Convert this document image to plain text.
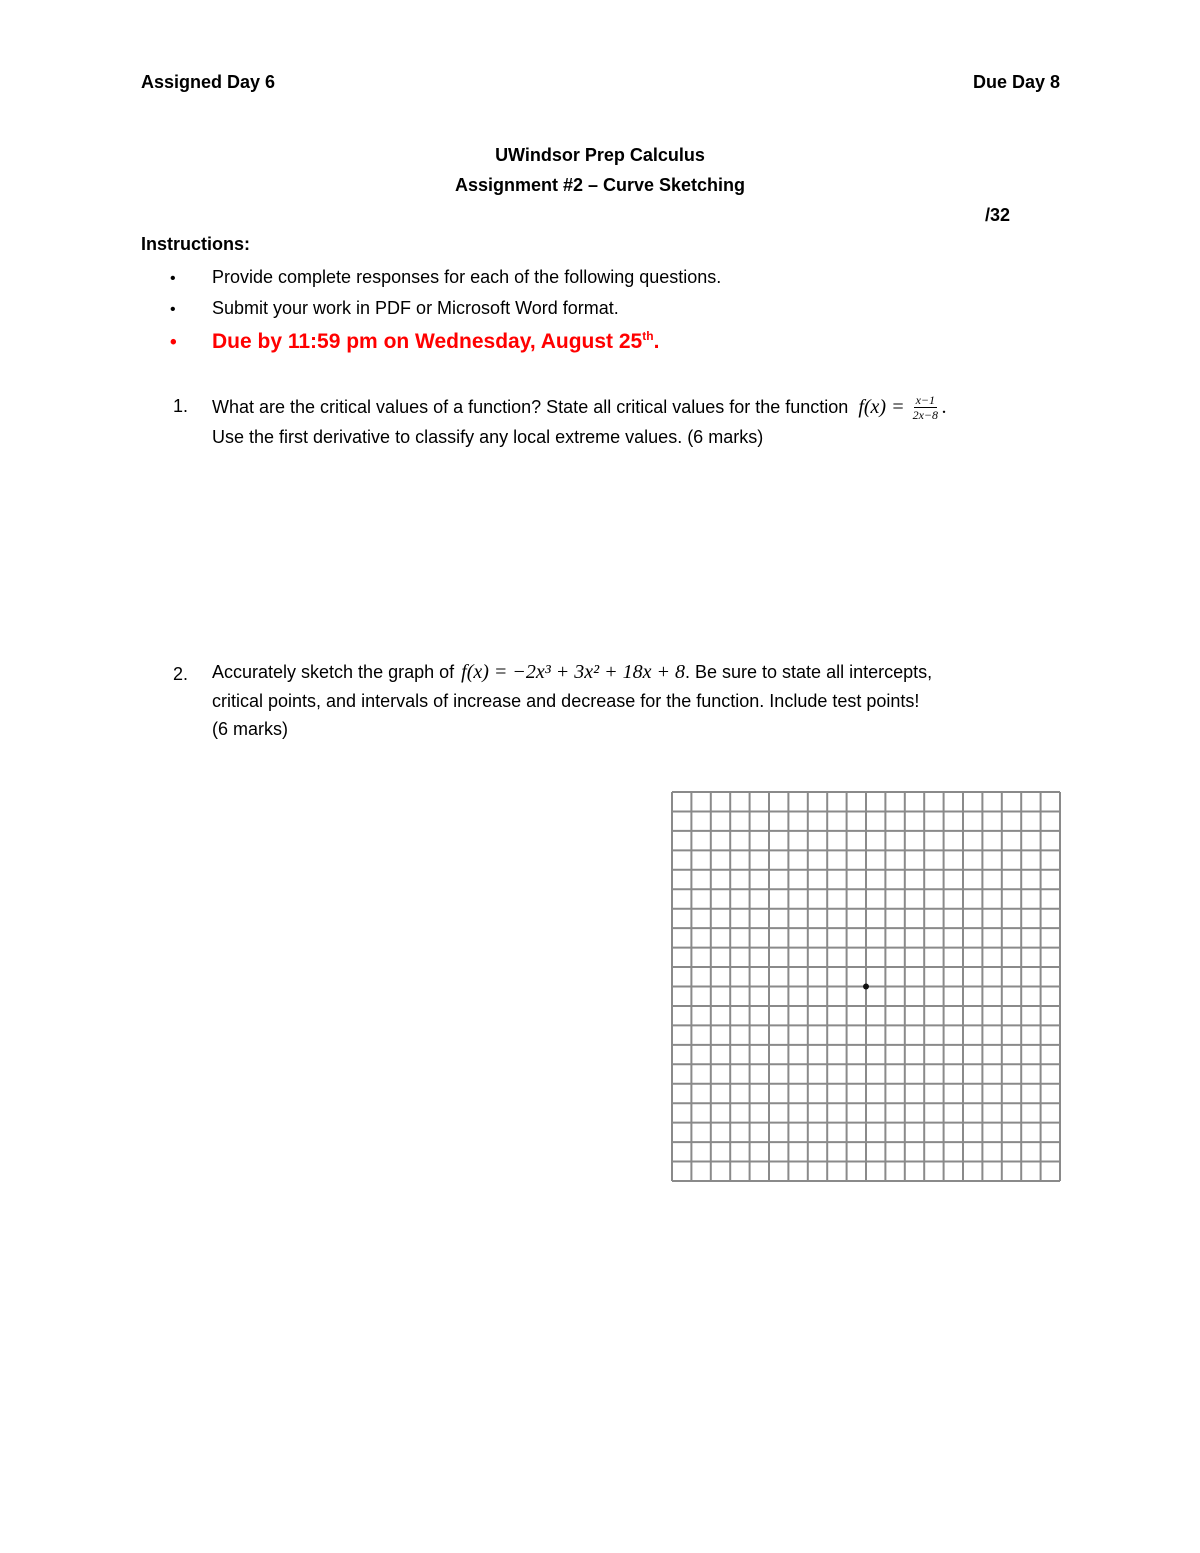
Assigned Day 6	Due Day 8
UWindsor Prep Calculus
Assignment #2 – Curve Sketching
/32
Instructions:
•	Provide complete responses for each of the following questions.
•	Submit your work in PDF or Microsoft Word format.
•	Due by 11:59 pm on Wednesday, August 25th.
1. What are the critical values of a function? State all critical values for the function $f(x) = \frac{x-1}{2x-8}$ .
Use the first derivative to classify any local extreme values. (6 marks)
2. Accurately sketch the graph of f(x) = −2x³ + 3x² + 18x + 8 . Be sure to state all intercepts,
critical points, and intervals of increase and decrease for the function. Include test points!
(6 marks)
